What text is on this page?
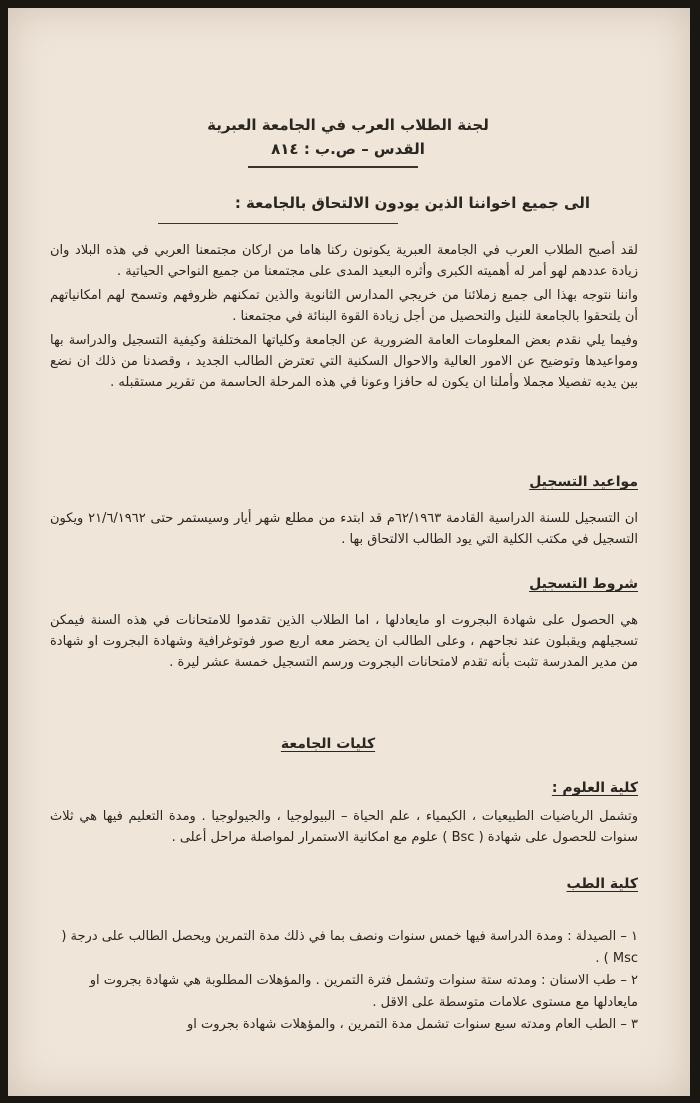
لجنة الطلاب العرب في الجامعة العبرية
القدس – ص.ب : ٨١٤
الى جميع اخواننا الذين يودون الالتحاق بالجامعة :

لقد أصبح الطلاب العرب في الجامعة العبرية يكونون ركنا هاما من اركان مجتمعنا العربي في هذه البلاد وان زيادة عددهم لهو أمر له أهميته الكبرى وأثره البعيد المدى على مجتمعنا من جميع النواحي الحياتية .

واننا نتوجه بهذا الى جميع زملائنا من خريجي المدارس الثانوية والذين تمكنهم ظروفهم وتسمح لهم امكانياتهم أن يلتحقوا بالجامعة للنيل والتحصيل من أجل زيادة القوة البنائة في مجتمعنا .

وفيما يلي نقدم بعض المعلومات العامة الضرورية عن الجامعة وكلياتها المختلفة وكيفية التسجيل والدراسة بها ومواعيدها وتوضيح عن الامور العالية والاحوال السكنية التي تعترض الطالب الجديد ، وقصدنا من ذلك ان نضع بين يديه تفصيلا مجملا وأملنا ان يكون له حافزا وعونا في هذه المرحلة الحاسمة من تقرير مستقبله .

مواعيد التسجيل
ان التسجيل للسنة الدراسية القادمة ٦٢/١٩٦٣م قد ابتدء من مطلع شهر أيار وسيستمر حتى ٢١/٦/١٩٦٢ ويكون التسجيل في مكتب الكلية التي يود الطالب الالتحاق بها .
شروط التسجيل
هي الحصول على شهادة البجروت او مايعادلها ، اما الطلاب الذين تقدموا للامتحانات في هذه السنة فيمكن تسجيلهم ويقبلون عند نجاحهم ، وعلى الطالب ان يحضر معه اربع صور فوتوغرافية وشهادة البجروت او شهادة من مدير المدرسة تثبت بأنه تقدم لامتحانات البجروت ورسم التسجيل خمسة عشر ليرة .
كليات الجامعة
كلية العلوم :
وتشمل الرياضيات الطبيعيات ، الكيمياء ، علم الحياة – البيولوجيا ، والجيولوجيا . ومدة التعليم فيها هي ثلاث سنوات للحصول على شهادة ( Bsc ) علوم مع امكانية الاستمرار لمواصلة مراحل أعلى .
كلية الطب
١ – الصيدلة : ومدة الدراسة فيها خمس سنوات ونصف بما في ذلك مدة التمرين ويحصل الطالب على درجة ( Msc ) .
٢ – طب الاسنان : ومدته ستة سنوات وتشمل فترة التمرين . والمؤهلات المطلوبة هي شهادة بجروت او مايعادلها مع مستوى علامات متوسطة على الاقل .
٣ – الطب العام ومدته سبع سنوات تشمل مدة التمرين ، والمؤهلات شهادة بجروت او
